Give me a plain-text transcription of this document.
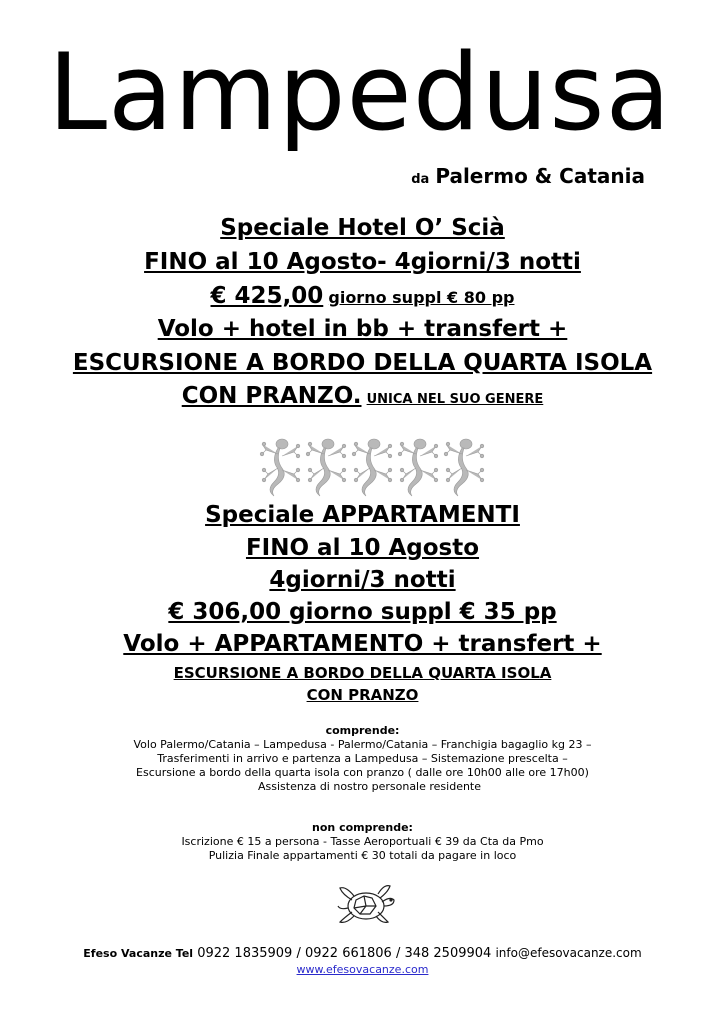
Lampedusa
da Palermo & Catania
Speciale Hotel O’ Scià
FINO al 10 Agosto- 4giorni/3 notti
€ 425,00 giorno suppl € 80 pp
Volo + hotel in bb + transfert +
ESCURSIONE A BORDO DELLA QUARTA ISOLA
CON PRANZO. UNICA NEL SUO GENERE
Speciale APPARTAMENTI
FINO al 10 Agosto
4giorni/3 notti
€ 306,00 giorno suppl € 35 pp
Volo + APPARTAMENTO + transfert +
ESCURSIONE A BORDO DELLA QUARTA ISOLA
CON PRANZO
comprende:
Volo Palermo/Catania – Lampedusa - Palermo/Catania – Franchigia bagaglio kg 23 –
Trasferimenti in arrivo e partenza a Lampedusa – Sistemazione prescelta –
Escursione a bordo della quarta isola con pranzo ( dalle ore 10h00 alle ore 17h00)
Assistenza di nostro personale residente
non comprende:
Iscrizione € 15 a persona - Tasse Aeroportuali € 39 da Cta da Pmo
Pulizia Finale appartamenti € 30 totali da pagare in loco
Efeso Vacanze Tel 0922 1835909 / 0922 661806 / 348 2509904 info@efesovacanze.com
www.efesovacanze.com
